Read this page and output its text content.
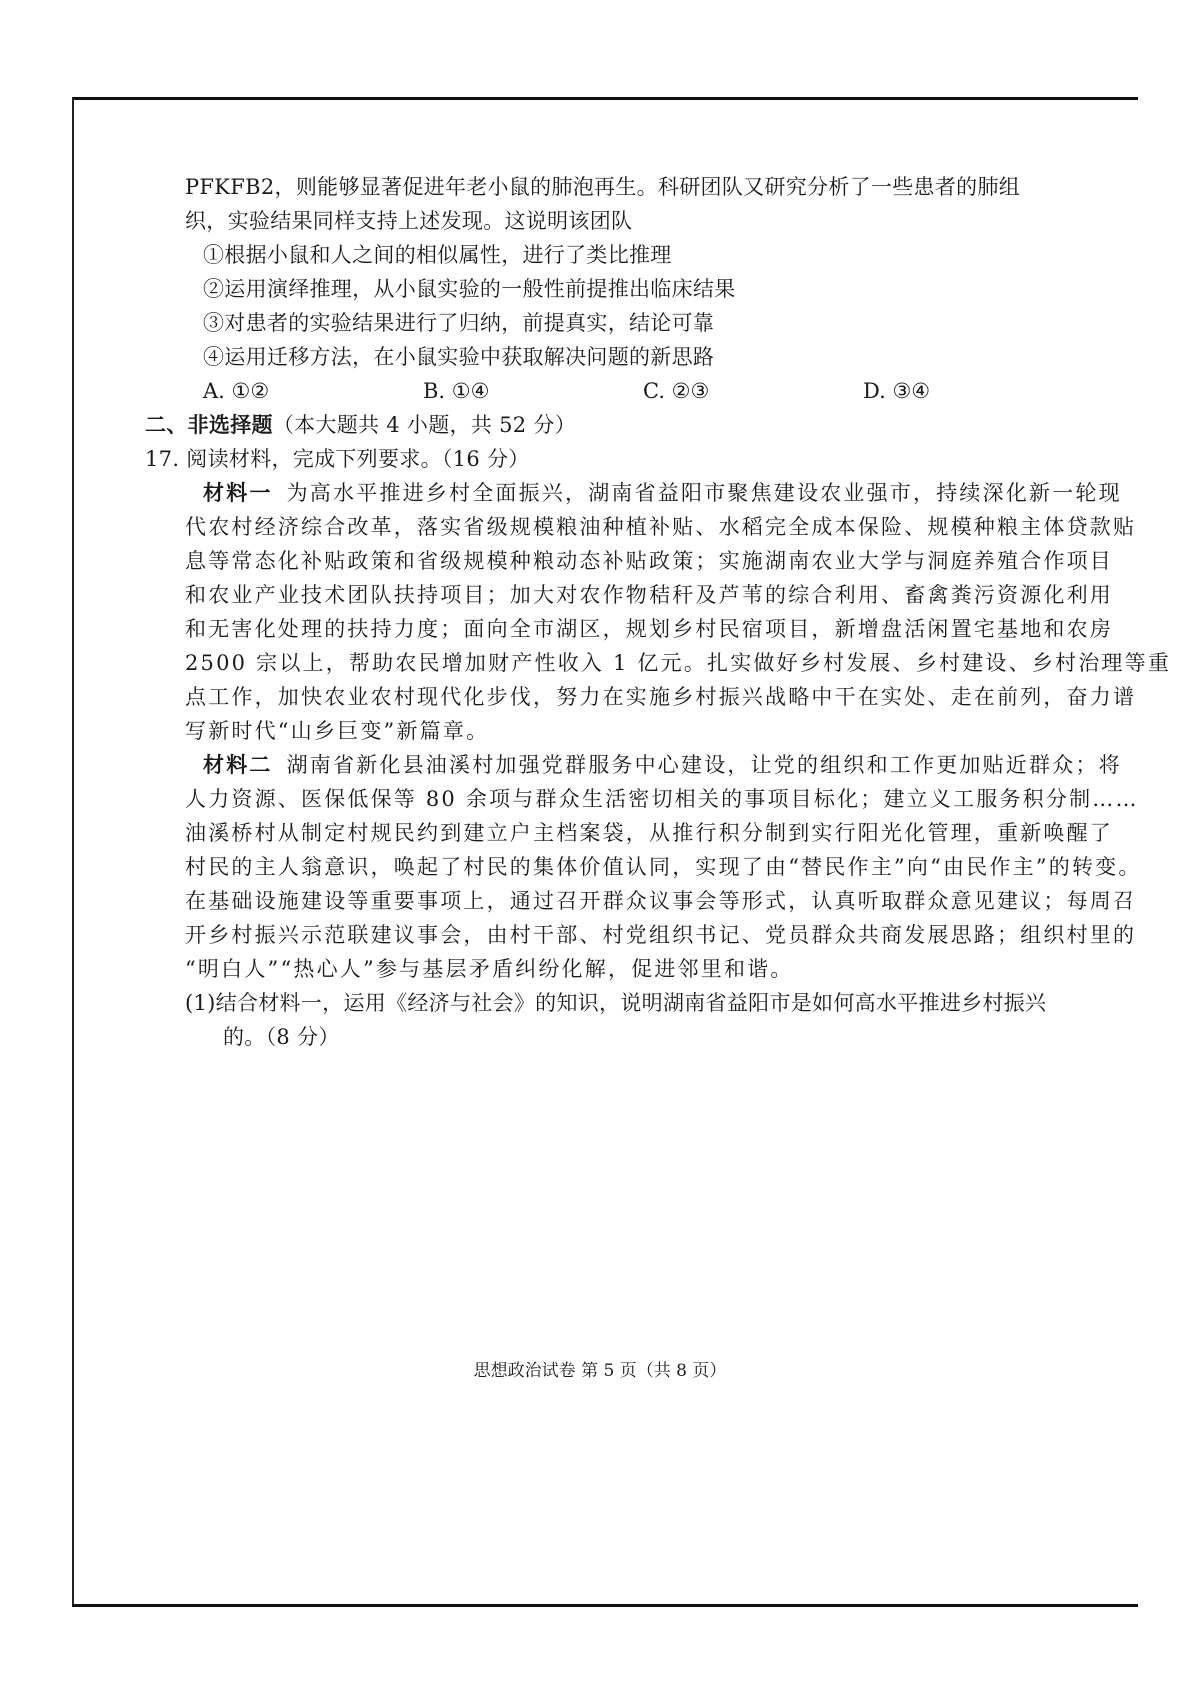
PFKFB2，则能够显著促进年老小鼠的肺泡再生。科研团队又研究分析了一些患者的肺组
织，实验结果同样支持上述发现。这说明该团队
①根据小鼠和人之间的相似属性，进行了类比推理
②运用演绎推理，从小鼠实验的一般性前提推出临床结果
③对患者的实验结果进行了归纳，前提真实，结论可靠
④运用迁移方法，在小鼠实验中获取解决问题的新思路
A. ①②	B. ①④	C. ②③	D. ③④
二、非选择题（本大题共 4 小题，共 52 分）
17. 阅读材料，完成下列要求。（16 分）
材料一 为高水平推进乡村全面振兴，湖南省益阳市聚焦建设农业强市，持续深化新一轮现
代农村经济综合改革，落实省级规模粮油种植补贴、水稻完全成本保险、规模种粮主体贷款贴
息等常态化补贴政策和省级规模种粮动态补贴政策；实施湖南农业大学与洞庭养殖合作项目
和农业产业技术团队扶持项目；加大对农作物秸秆及芦苇的综合利用、畜禽粪污资源化利用
和无害化处理的扶持力度；面向全市湖区，规划乡村民宿项目，新增盘活闲置宅基地和农房
2500 宗以上，帮助农民增加财产性收入 1 亿元。扎实做好乡村发展、乡村建设、乡村治理等重
点工作，加快农业农村现代化步伐，努力在实施乡村振兴战略中干在实处、走在前列，奋力谱
写新时代“山乡巨变”新篇章。
材料二 湖南省新化县油溪村加强党群服务中心建设，让党的组织和工作更加贴近群众；将
人力资源、医保低保等 80 余项与群众生活密切相关的事项目标化；建立义工服务积分制……
油溪桥村从制定村规民约到建立户主档案袋，从推行积分制到实行阳光化管理，重新唤醒了
村民的主人翁意识，唤起了村民的集体价值认同，实现了由“替民作主”向“由民作主”的转变。
在基础设施建设等重要事项上，通过召开群众议事会等形式，认真听取群众意见建议；每周召
开乡村振兴示范联建议事会，由村干部、村党组织书记、党员群众共商发展思路；组织村里的
“明白人”“热心人”参与基层矛盾纠纷化解，促进邻里和谐。
(1)结合材料一，运用《经济与社会》的知识，说明湖南省益阳市是如何高水平推进乡村振兴
的。（8 分）
思想政治试卷 第 5 页（共 8 页）
